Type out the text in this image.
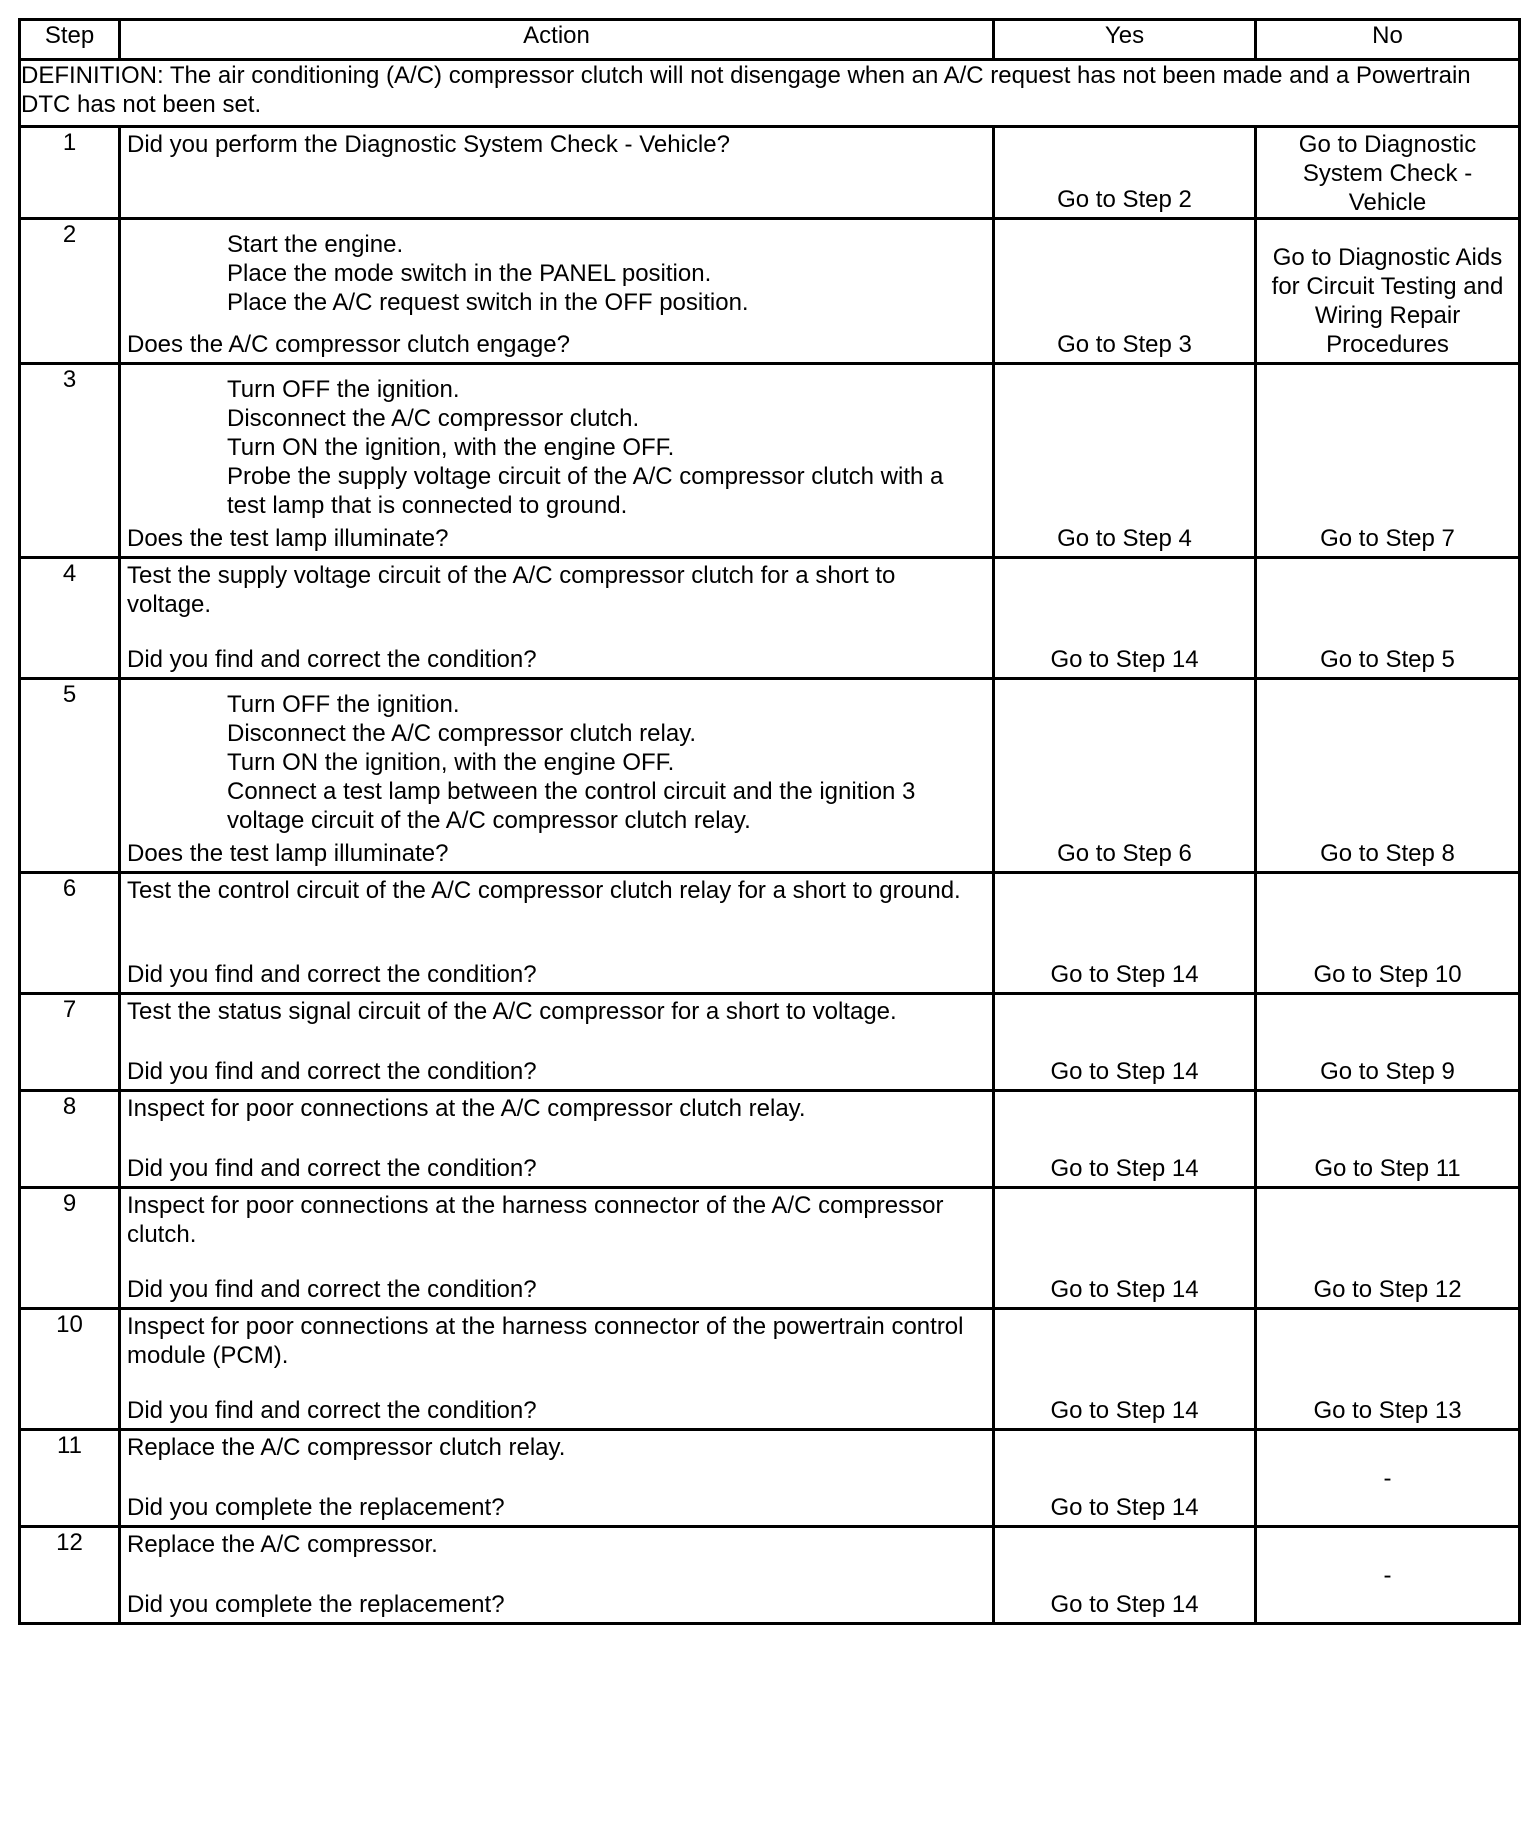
Step	Action	Yes	No
DEFINITION: The air conditioning (A/C) compressor clutch will not disengage when an A/C request has not been made and a Powertrain DTC has not been set.			
1	Did you perform the Diagnostic System Check - Vehicle?	Go to Step 2	Go to Diagnostic System Check - Vehicle

2	Start the engine.
Place the mode switch in the PANEL position.
Place the A/C request switch in the OFF position.
Does the A/C compressor clutch engage?	Go to Step 3	Go to Diagnostic Aids for Circuit Testing and Wiring Repair Procedures

3	Turn OFF the ignition.
Disconnect the A/C compressor clutch.
Turn ON the ignition, with the engine OFF.
Probe the supply voltage circuit of the A/C compressor clutch with a test lamp that is connected to ground.
Does the test lamp illuminate?	Go to Step 4	Go to Step 7

4	Test the supply voltage circuit of the A/C compressor clutch for a short to voltage.
Did you find and correct the condition?	Go to Step 14	Go to Step 5

5	Turn OFF the ignition.
Disconnect the A/C compressor clutch relay.
Turn ON the ignition, with the engine OFF.
Connect a test lamp between the control circuit and the ignition 3 voltage circuit of the A/C compressor clutch relay.
Does the test lamp illuminate?	Go to Step 6	Go to Step 8

6	Test the control circuit of the A/C compressor clutch relay for a short to ground.
Did you find and correct the condition?	Go to Step 14	Go to Step 10

7	Test the status signal circuit of the A/C compressor for a short to voltage.
Did you find and correct the condition?	Go to Step 14	Go to Step 9

8	Inspect for poor connections at the A/C compressor clutch relay.
Did you find and correct the condition?	Go to Step 14	Go to Step 11

9	Inspect for poor connections at the harness connector of the A/C compressor clutch.
Did you find and correct the condition?	Go to Step 14	Go to Step 12

10	Inspect for poor connections at the harness connector of the powertrain control module (PCM).
Did you find and correct the condition?	Go to Step 14	Go to Step 13

11	Replace the A/C compressor clutch relay.
Did you complete the replacement?	Go to Step 14	-

12	Replace the A/C compressor.
Did you complete the replacement?	Go to Step 14	-
